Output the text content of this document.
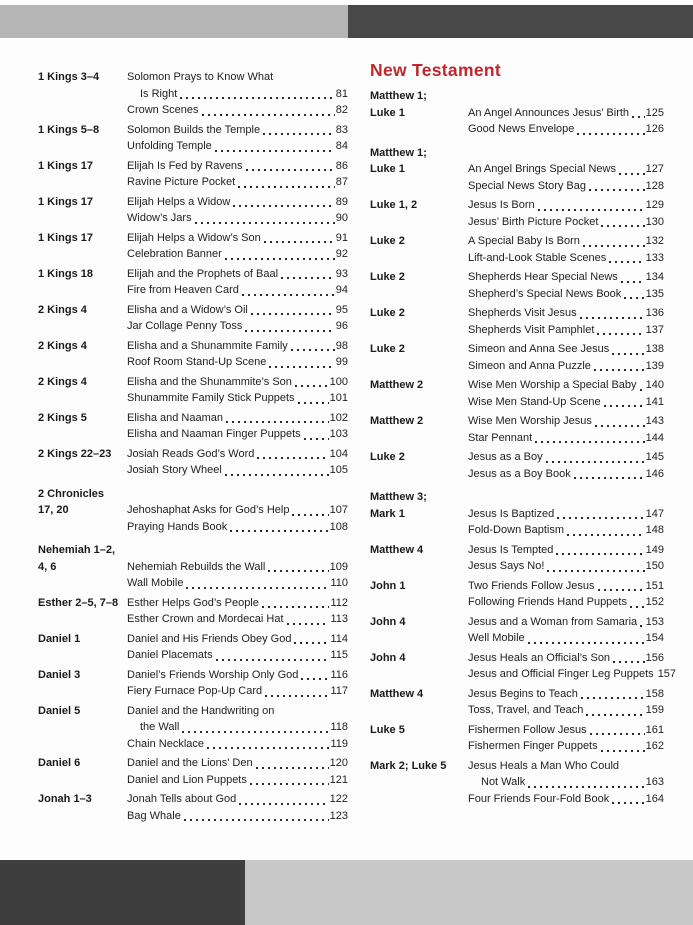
1 Kings 3–4	Solomon Prays to Know What
Is Right	81
Crown Scenes	82
1 Kings 5–8	Solomon Builds the Temple	83
Unfolding Temple	84
1 Kings 17	Elijah Is Fed by Ravens	86
Ravine Picture Pocket	87
1 Kings 17	Elijah Helps a Widow	89
Widow’s Jars	90
1 Kings 17	Elijah Helps a Widow’s Son	91
Celebration Banner	92
1 Kings 18	Elijah and the Prophets of Baal	93
Fire from Heaven Card	94
2 Kings 4	Elisha and a Widow’s Oil	95
Jar Collage Penny Toss	96
2 Kings 4	Elisha and a Shunammite Family	98
Roof Room Stand-Up Scene	99
2 Kings 4	Elisha and the Shunammite’s Son	100
Shunammite Family Stick Puppets	101
2 Kings 5	Elisha and Naaman	102
Elisha and Naaman Finger Puppets	103
2 Kings 22–23	Josiah Reads God’s Word	104
Josiah Story Wheel	105
2 Chronicles
17, 20	Jehoshaphat Asks for God’s Help	107
Praying Hands Book	108
Nehemiah 1–2,
4, 6	Nehemiah Rebuilds the Wall	109
Wall Mobile	110
Esther 2–5, 7–8 Esther Helps God’s People	112
Esther Crown and Mordecai Hat	113
Daniel 1	Daniel and His Friends Obey God	114
Daniel Placemats	115
Daniel 3	Daniel’s Friends Worship Only God	116
Fiery Furnace Pop-Up Card	117
Daniel 5	Daniel and the Handwriting on
the Wall	118
Chain Necklace	119
Daniel 6	Daniel and the Lions’ Den	120
Daniel and Lion Puppets	121
Jonah 1–3	Jonah Tells about God	122
Bag Whale	123
New Testament
Matthew 1;
Luke 1	An Angel Announces Jesus’ Birth 125
Good News Envelope	126
Matthew 1;
Luke 1	An Angel Brings Special News	127
Special News Story Bag	128
Luke 1, 2	Jesus Is Born	129
Jesus’ Birth Picture Pocket	130
Luke 2	A Special Baby Is Born	132
Lift-and-Look Stable Scenes	133
Luke 2	Shepherds Hear Special News	134
Shepherd’s Special News Book 135
Luke 2	Shepherds Visit Jesus	136
Shepherds Visit Pamphlet	137
Luke 2	Simeon and Anna See Jesus	138
Simeon and Anna Puzzle	139
Matthew 2	Wise Men Worship a Special Baby 140
Wise Men Stand-Up Scene	141
Matthew 2	Wise Men Worship Jesus	143
Star Pennant	144
Luke 2	Jesus as a Boy	145
Jesus as a Boy Book	146
Matthew 3;
Mark 1	Jesus Is Baptized	147
Fold-Down Baptism	148
Matthew 4	Jesus Is Tempted	149
Jesus Says No!	150
John 1	Two Friends Follow Jesus	151
Following Friends Hand Puppets 152
John 4	Jesus and a Woman from Samaria 153
Well Mobile	154
John 4	Jesus Heals an Official’s Son	156
Jesus and Official Finger Leg Puppets 157
Matthew 4	Jesus Begins to Teach	158
Toss, Travel, and Teach	159
Luke 5	Fishermen Follow Jesus	161
Fishermen Finger Puppets	162
Mark 2; Luke 5	Jesus Heals a Man Who Could
Not Walk	163
Four Friends Four-Fold Book	164
